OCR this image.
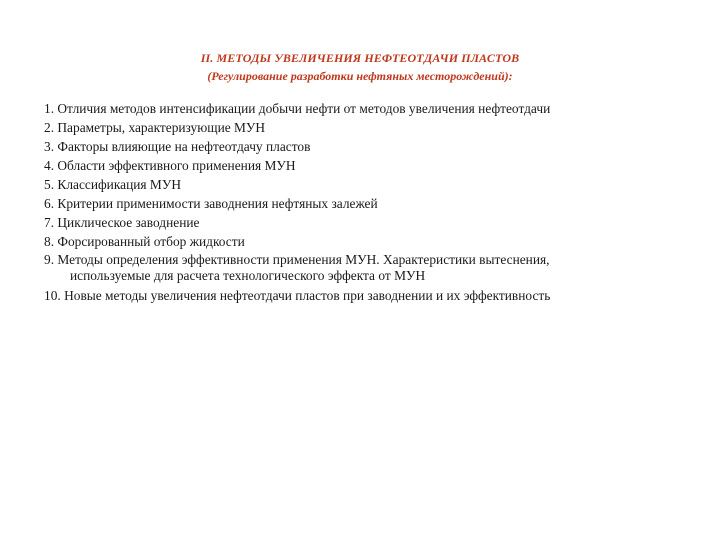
II. МЕТОДЫ УВЕЛИЧЕНИЯ НЕФТЕОТДАЧИ ПЛАСТОВ
(Регулирование разработки нефтяных месторождений):
1. Отличия методов интенсификации добычи нефти от методов увеличения нефтеотдачи
2. Параметры, характеризующие МУН
3. Факторы влияющие на нефтеотдачу пластов
4. Области эффективного применения МУН
5. Классификация МУН
6. Критерии применимости заводнения нефтяных залежей
7. Циклическое заводнение
8. Форсированный отбор жидкости
9. Методы определения эффективности применения МУН. Характеристики вытеснения,
используемые для расчета технологического эффекта от МУН
10. Новые методы увеличения нефтеотдачи пластов при заводнении и их эффективность
